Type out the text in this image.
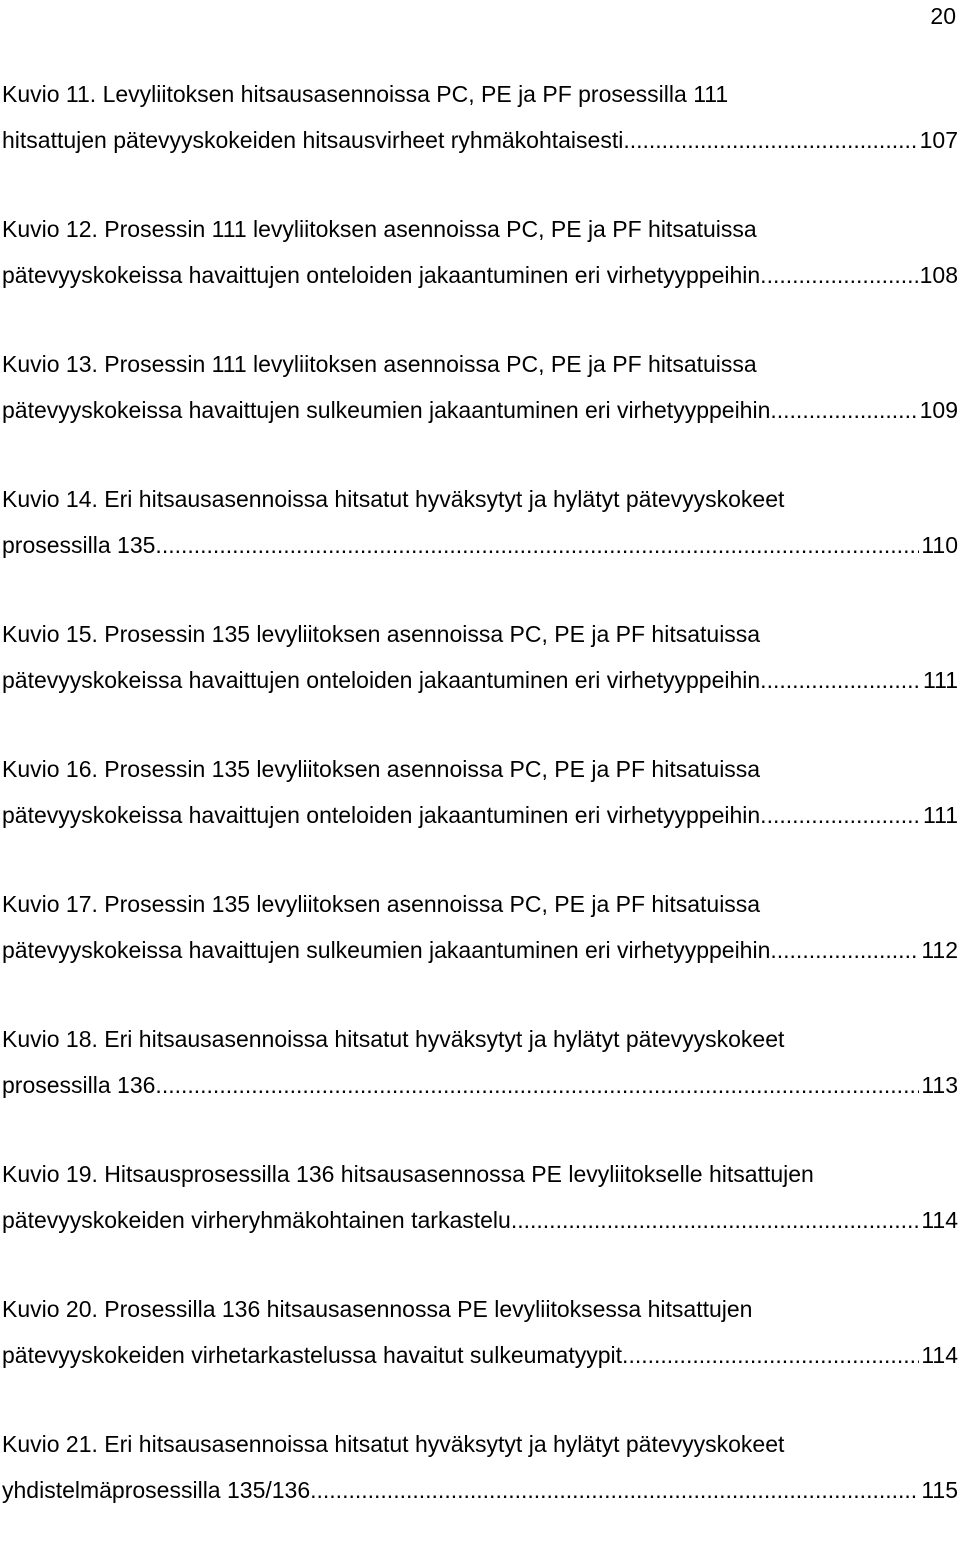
20
Kuvio 11. Levyliitoksen hitsausasennoissa PC, PE ja PF prosessilla 111
hitsattujen pätevyyskokeiden hitsausvirheet ryhmäkohtaisesti. .....	107
Kuvio 12. Prosessin 111 levyliitoksen asennoissa PC, PE ja PF hitsatuissa
pätevyyskokeissa havaittujen onteloiden jakaantuminen eri virhetyyppeihin. .....	108
Kuvio 13. Prosessin 111 levyliitoksen asennoissa PC, PE ja PF hitsatuissa
pätevyyskokeissa havaittujen sulkeumien jakaantuminen eri virhetyyppeihin. .....	109
Kuvio 14. Eri hitsausasennoissa hitsatut hyväksytyt ja hylätyt pätevyyskokeet
prosessilla 135. .....	110
Kuvio 15. Prosessin 135 levyliitoksen asennoissa PC, PE ja PF hitsatuissa
pätevyyskokeissa havaittujen onteloiden jakaantuminen eri virhetyyppeihin. .....	111
Kuvio 16. Prosessin 135 levyliitoksen asennoissa PC, PE ja PF hitsatuissa
pätevyyskokeissa havaittujen onteloiden jakaantuminen eri virhetyyppeihin. .....	111
Kuvio 17. Prosessin 135 levyliitoksen asennoissa PC, PE ja PF hitsatuissa
pätevyyskokeissa havaittujen sulkeumien jakaantuminen eri virhetyyppeihin. .....	112
Kuvio 18. Eri hitsausasennoissa hitsatut hyväksytyt ja hylätyt pätevyyskokeet
prosessilla 136. .....	113
Kuvio 19. Hitsausprosessilla 136 hitsausasennossa PE levyliitokselle hitsattujen
pätevyyskokeiden virheryhmäkohtainen tarkastelu. .....	114
Kuvio 20. Prosessilla 136 hitsausasennossa PE levyliitoksessa hitsattujen
pätevyyskokeiden virhetarkastelussa havaitut sulkeumatyypit. .....	114
Kuvio 21. Eri hitsausasennoissa hitsatut hyväksytyt ja hylätyt pätevyyskokeet
yhdistelmäprosessilla 135/136. .....	115
